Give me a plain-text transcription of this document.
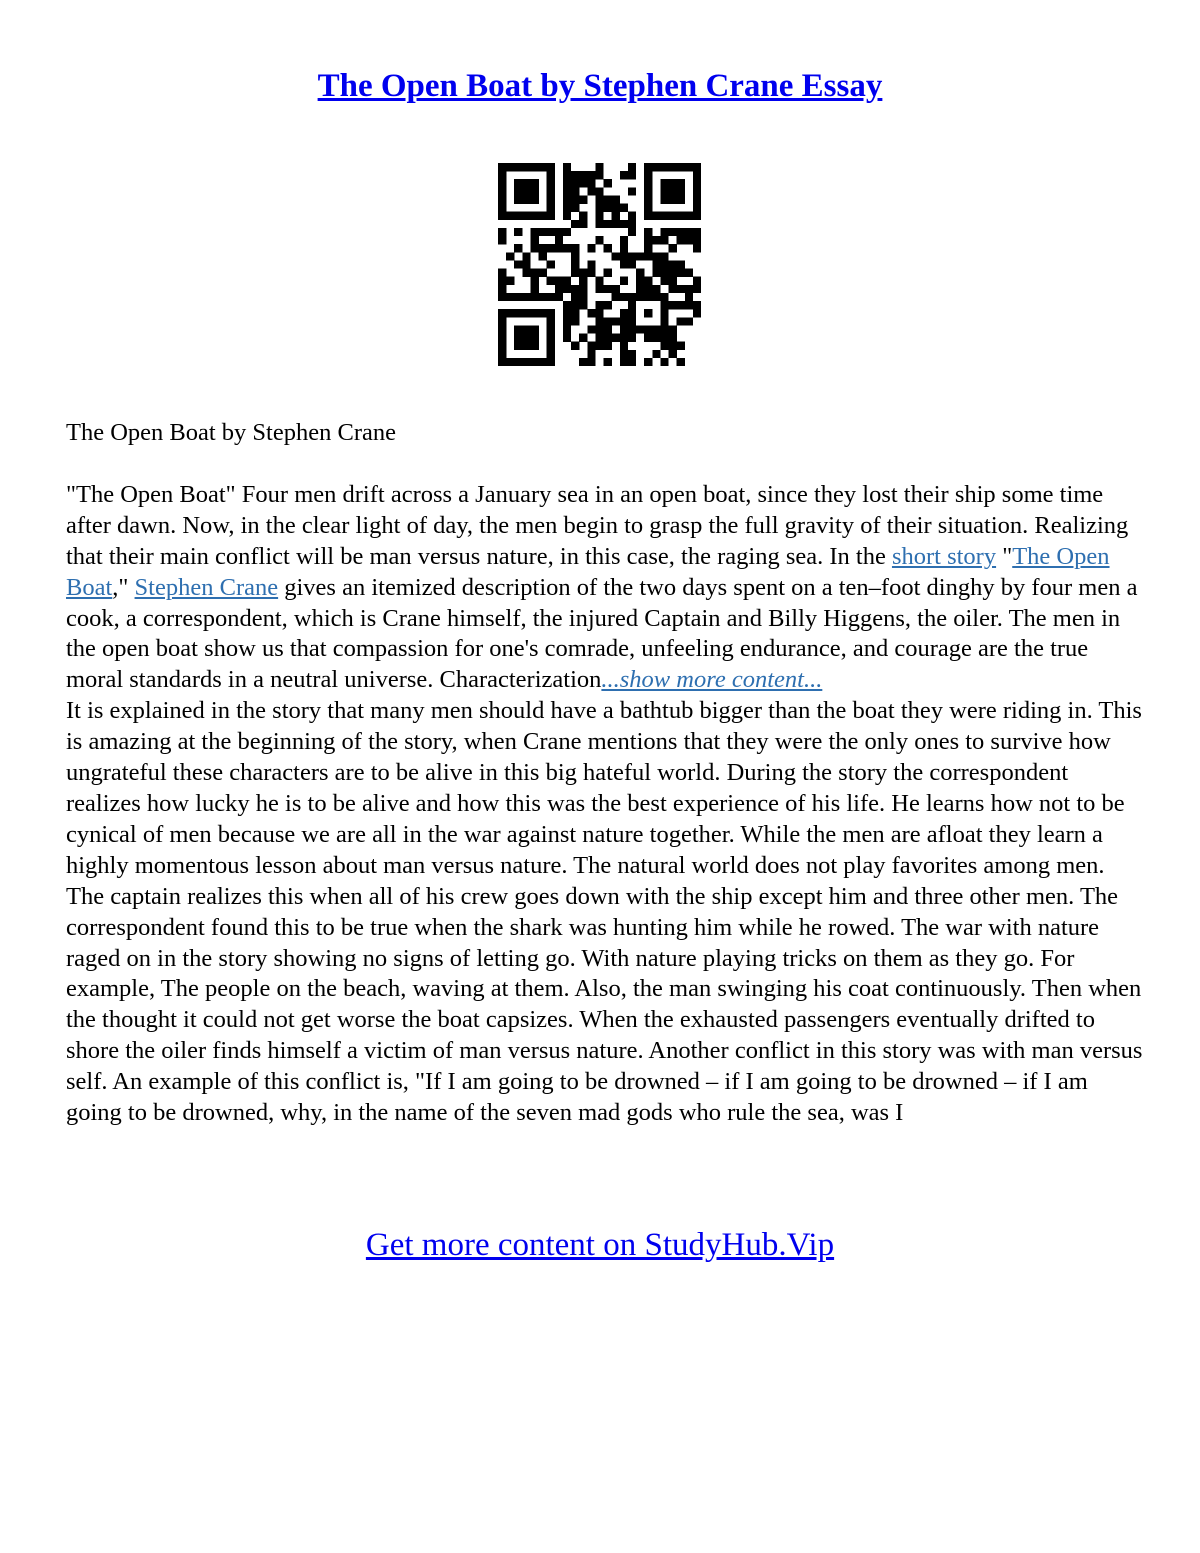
The Open Boat by Stephen Crane Essay

The Open Boat by Stephen Crane

"The Open Boat" Four men drift across a January sea in an open boat, since they lost their ship some time after dawn. Now, in the clear light of day, the men begin to grasp the full gravity of their situation. Realizing that their main conflict will be man versus nature, in this case, the raging sea. In the short story "The Open Boat," Stephen Crane gives an itemized description of the two days spent on a ten–foot dinghy by four men a cook, a correspondent, which is Crane himself, the injured Captain and Billy Higgens, the oiler. The men in the open boat show us that compassion for one's comrade, unfeeling endurance, and courage are the true moral standards in a neutral universe. Characterization...show more content...

It is explained in the story that many men should have a bathtub bigger than the boat they were riding in. This is amazing at the beginning of the story, when Crane mentions that they were the only ones to survive how ungrateful these characters are to be alive in this big hateful world. During the story the correspondent realizes how lucky he is to be alive and how this was the best experience of his life. He learns how not to be cynical of men because we are all in the war against nature together. While the men are afloat they learn a highly momentous lesson about man versus nature. The natural world does not play favorites among men. The captain realizes this when all of his crew goes down with the ship except him and three other men. The correspondent found this to be true when the shark was hunting him while he rowed. The war with nature raged on in the story showing no signs of letting go. With nature playing tricks on them as they go. For example, The people on the beach, waving at them. Also, the man swinging his coat continuously. Then when the thought it could not get worse the boat capsizes. When the exhausted passengers eventually drifted to shore the oiler finds himself a victim of man versus nature. Another conflict in this story was with man versus self. An example of this conflict is, "If I am going to be drowned – if I am going to be drowned – if I am going to be drowned, why, in the name of the seven mad gods who rule the sea, was I

Get more content on StudyHub.Vip
